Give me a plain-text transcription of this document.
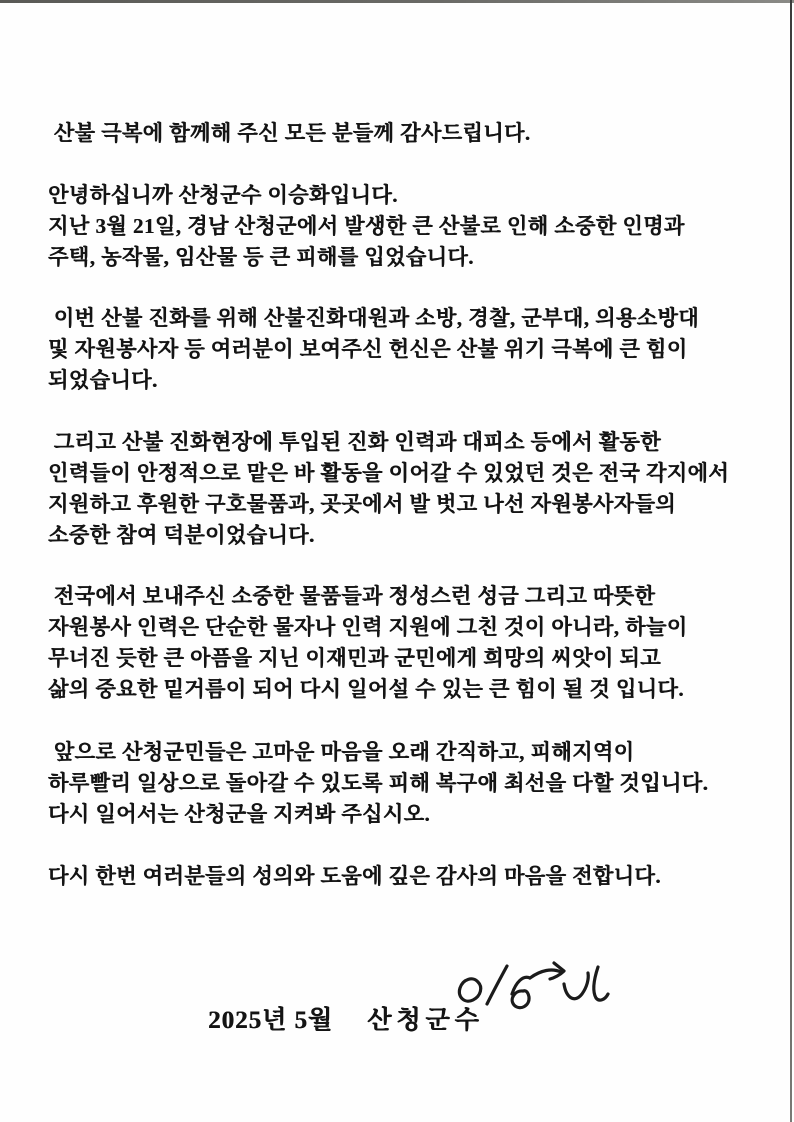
산불 극복에 함께해 주신 모든 분들께 감사드립니다.
안녕하십니까 산청군수 이승화입니다.
지난 3월 21일, 경남 산청군에서 발생한 큰 산불로 인해 소중한 인명과
주택, 농작물, 임산물 등 큰 피해를 입었습니다.
이번 산불 진화를 위해 산불진화대원과 소방, 경찰, 군부대, 의용소방대
및 자원봉사자 등 여러분이 보여주신 헌신은 산불 위기 극복에 큰 힘이
되었습니다.
그리고 산불 진화현장에 투입된 진화 인력과 대피소 등에서 활동한
인력들이 안정적으로 맡은 바 활동을 이어갈 수 있었던 것은 전국 각지에서
지원하고 후원한 구호물품과, 곳곳에서 발 벗고 나선 자원봉사자들의
소중한 참여 덕분이었습니다.
전국에서 보내주신 소중한 물품들과 정성스런 성금 그리고 따뜻한
자원봉사 인력은 단순한 물자나 인력 지원에 그친 것이 아니라, 하늘이
무너진 듯한 큰 아픔을 지닌 이재민과 군민에게 희망의 씨앗이 되고
삶의 중요한 밑거름이 되어 다시 일어설 수 있는 큰 힘이 될 것 입니다.
앞으로 산청군민들은 고마운 마음을 오래 간직하고, 피해지역이
하루빨리 일상으로 돌아갈 수 있도록 피해 복구애 최선을 다할 것입니다.
다시 일어서는 산청군을 지켜봐 주십시오.
다시 한번 여러분들의 성의와 도움에 깊은 감사의 마음을 전합니다.

2025년 5월 산청군수
